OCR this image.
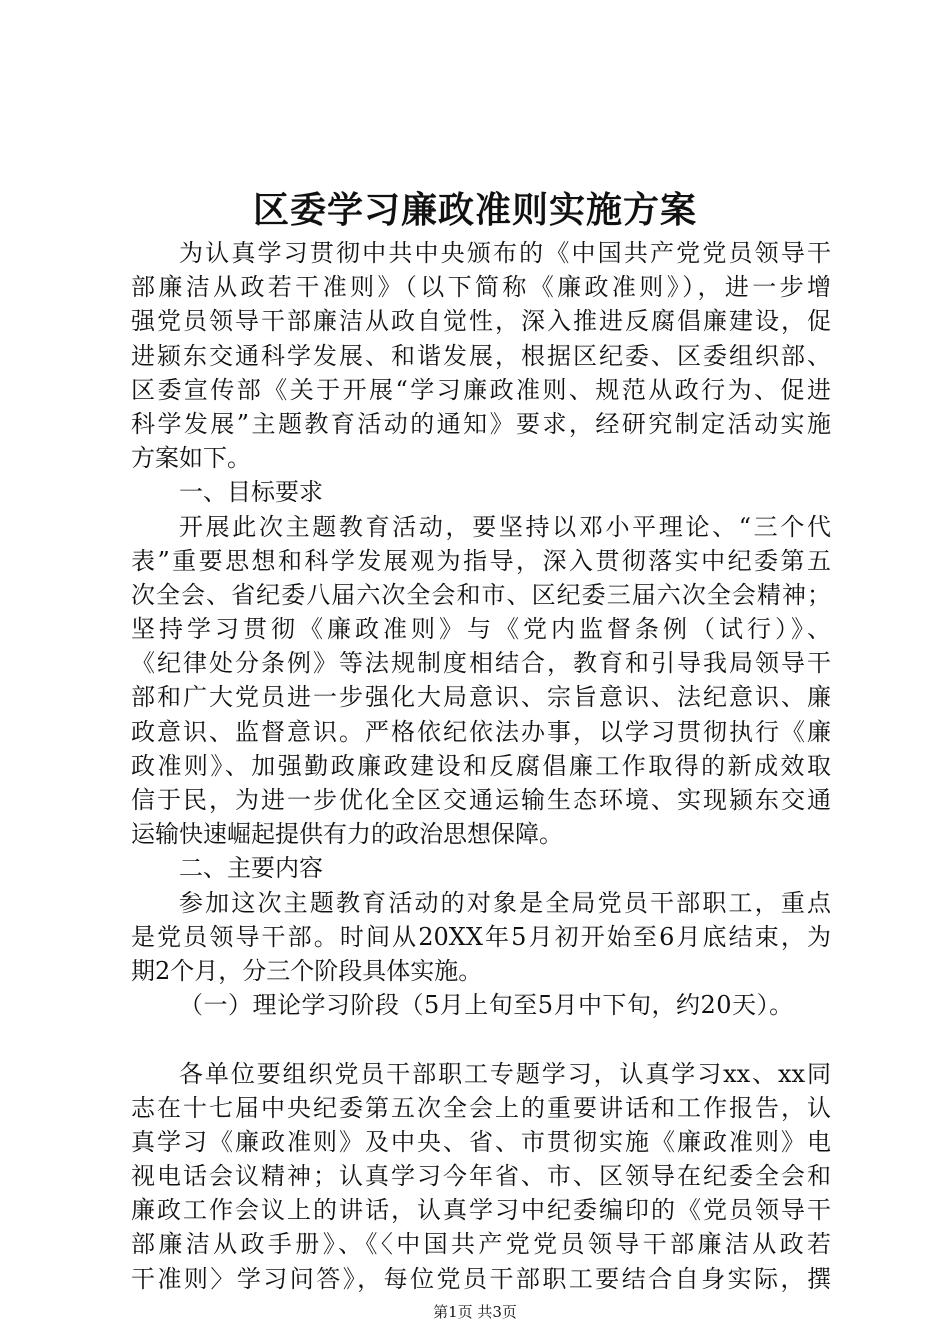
区委学习廉政准则实施方案

为认真学习贯彻中共中央颁布的《中国共产党党员领导干

部廉洁从政若干准则》（以下简称《廉政准则》），进一步增

强党员领导干部廉洁从政自觉性，深入推进反腐倡廉建设，促

进颍东交通科学发展、和谐发展，根据区纪委、区委组织部、

区委宣传部《关于开展“学习廉政准则、规范从政行为、促进

科学发展”主题教育活动的通知》要求，经研究制定活动实施

方案如下。

一、目标要求

开展此次主题教育活动，要坚持以邓小平理论、“三个代

表”重要思想和科学发展观为指导，深入贯彻落实中纪委第五

次全会、省纪委八届六次全会和市、区纪委三届六次全会精神；

坚持学习贯彻《廉政准则》与《党内监督条例（试行）》、

《纪律处分条例》等法规制度相结合，教育和引导我局领导干

部和广大党员进一步强化大局意识、宗旨意识、法纪意识、廉

政意识、监督意识。严格依纪依法办事，以学习贯彻执行《廉

政准则》、加强勤政廉政建设和反腐倡廉工作取得的新成效取

信于民，为进一步优化全区交通运输生态环境、实现颍东交通

运输快速崛起提供有力的政治思想保障。

二、主要内容

参加这次主题教育活动的对象是全局党员干部职工，重点

是党员领导干部。时间从20XX年5月初开始至6月底结束，为

期2个月，分三个阶段具体实施。

（一）理论学习阶段（5月上旬至5月中下旬，约20天）。

各单位要组织党员干部职工专题学习，认真学习xx、xx同

志在十七届中央纪委第五次全会上的重要讲话和工作报告，认

真学习《廉政准则》及中央、省、市贯彻实施《廉政准则》电

视电话会议精神；认真学习今年省、市、区领导在纪委全会和

廉政工作会议上的讲话，认真学习中纪委编印的《党员领导干

部廉洁从政手册》、《〈中国共产党党员领导干部廉洁从政若

干准则〉学习问答》，每位党员干部职工要结合自身实际，撰

第1页 共3页
